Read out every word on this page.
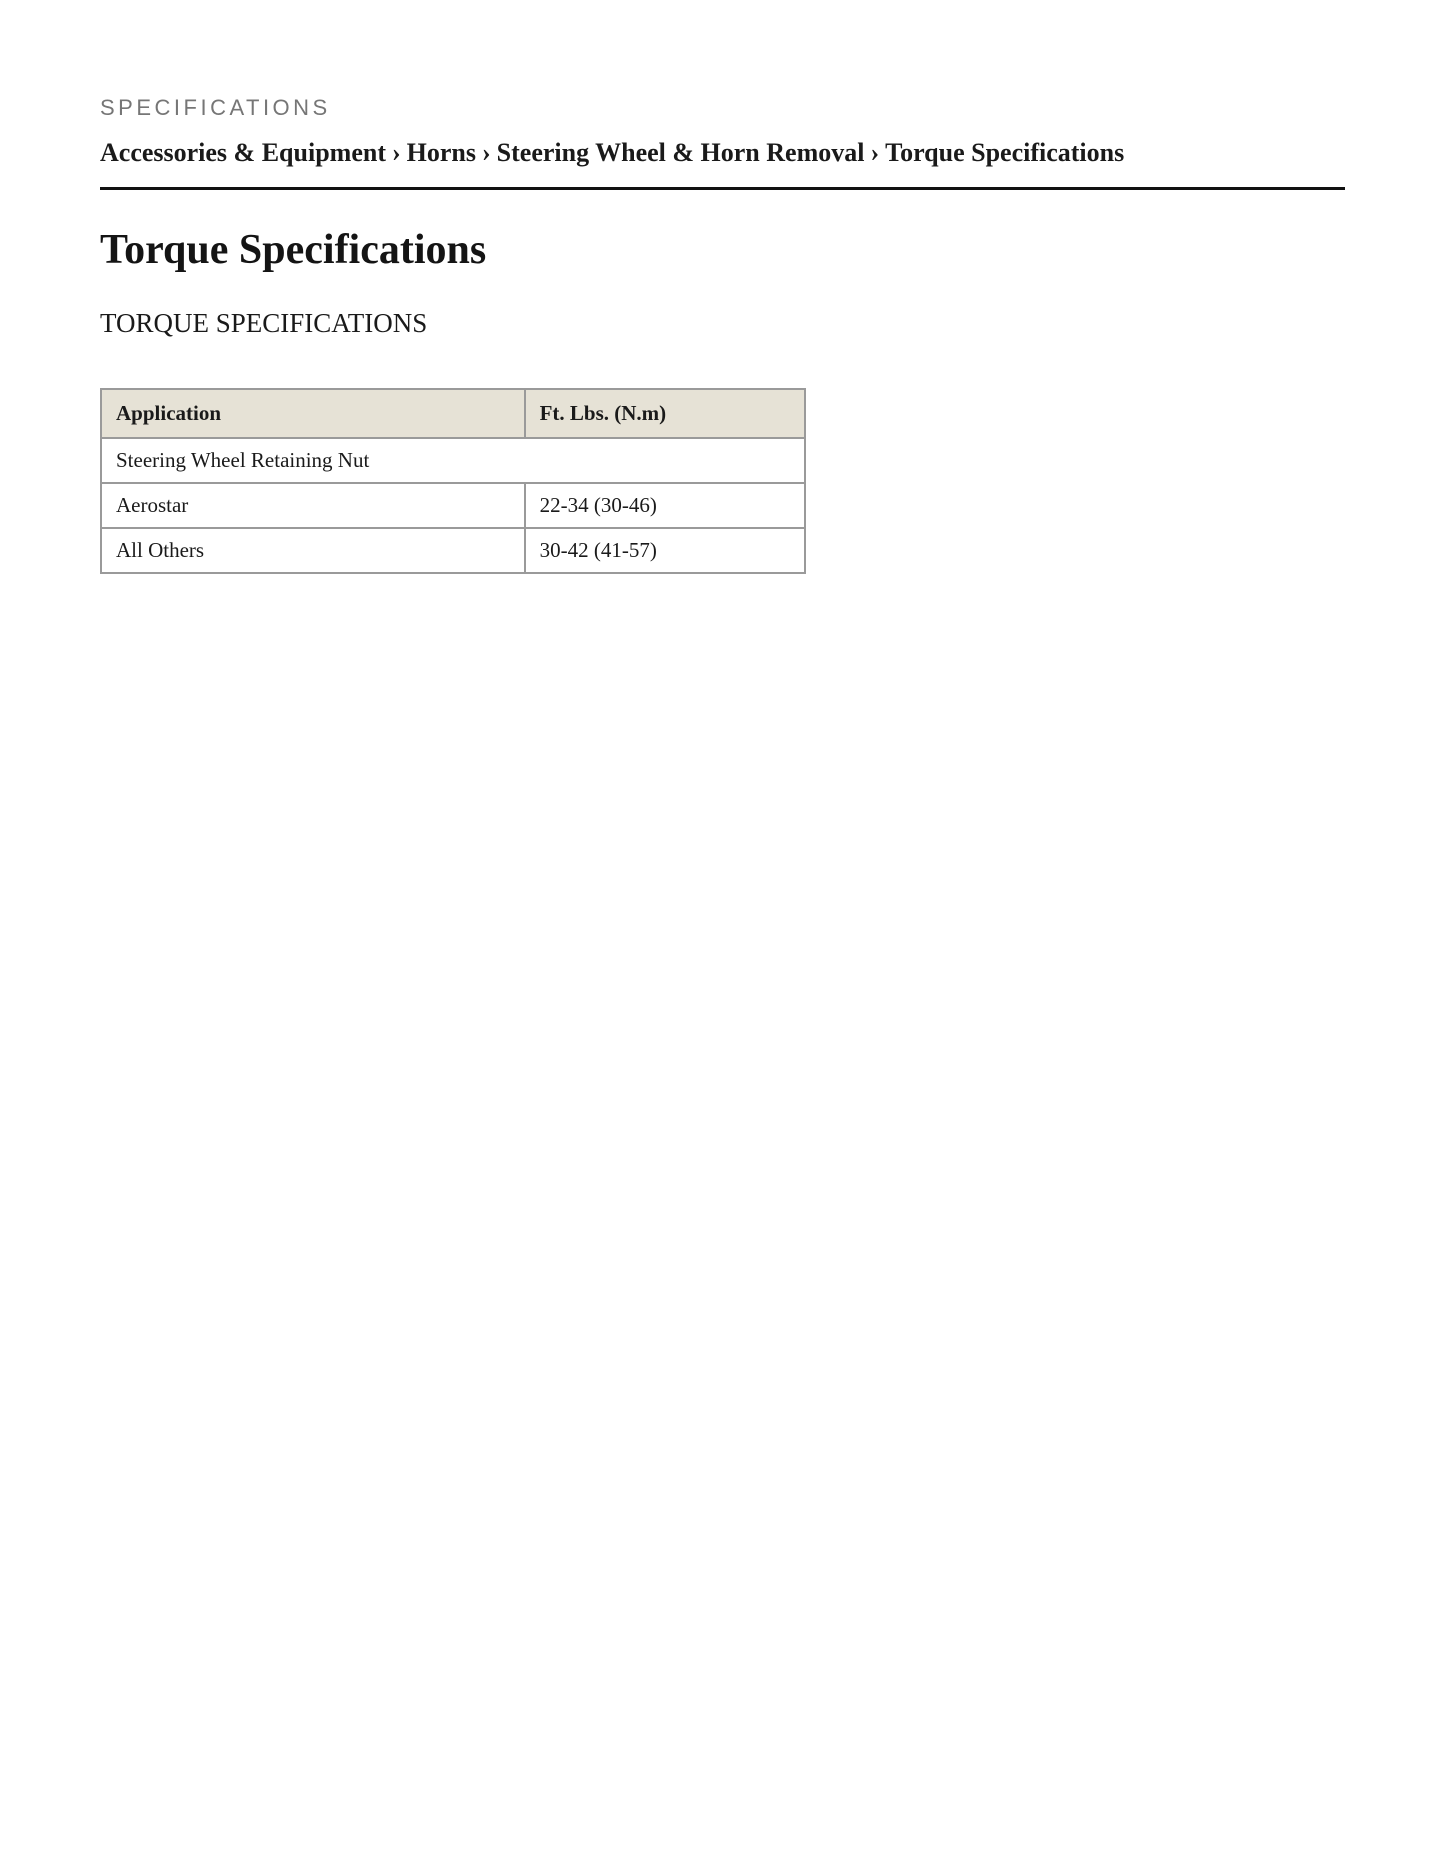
SPECIFICATIONS
Accessories & Equipment › Horns › Steering Wheel & Horn Removal › Torque Specifications
Torque Specifications
TORQUE SPECIFICATIONS
Application	Ft. Lbs. (N.m)
Steering Wheel Retaining Nut	
Aerostar	22-34 (30-46)
All Others	30-42 (41-57)
